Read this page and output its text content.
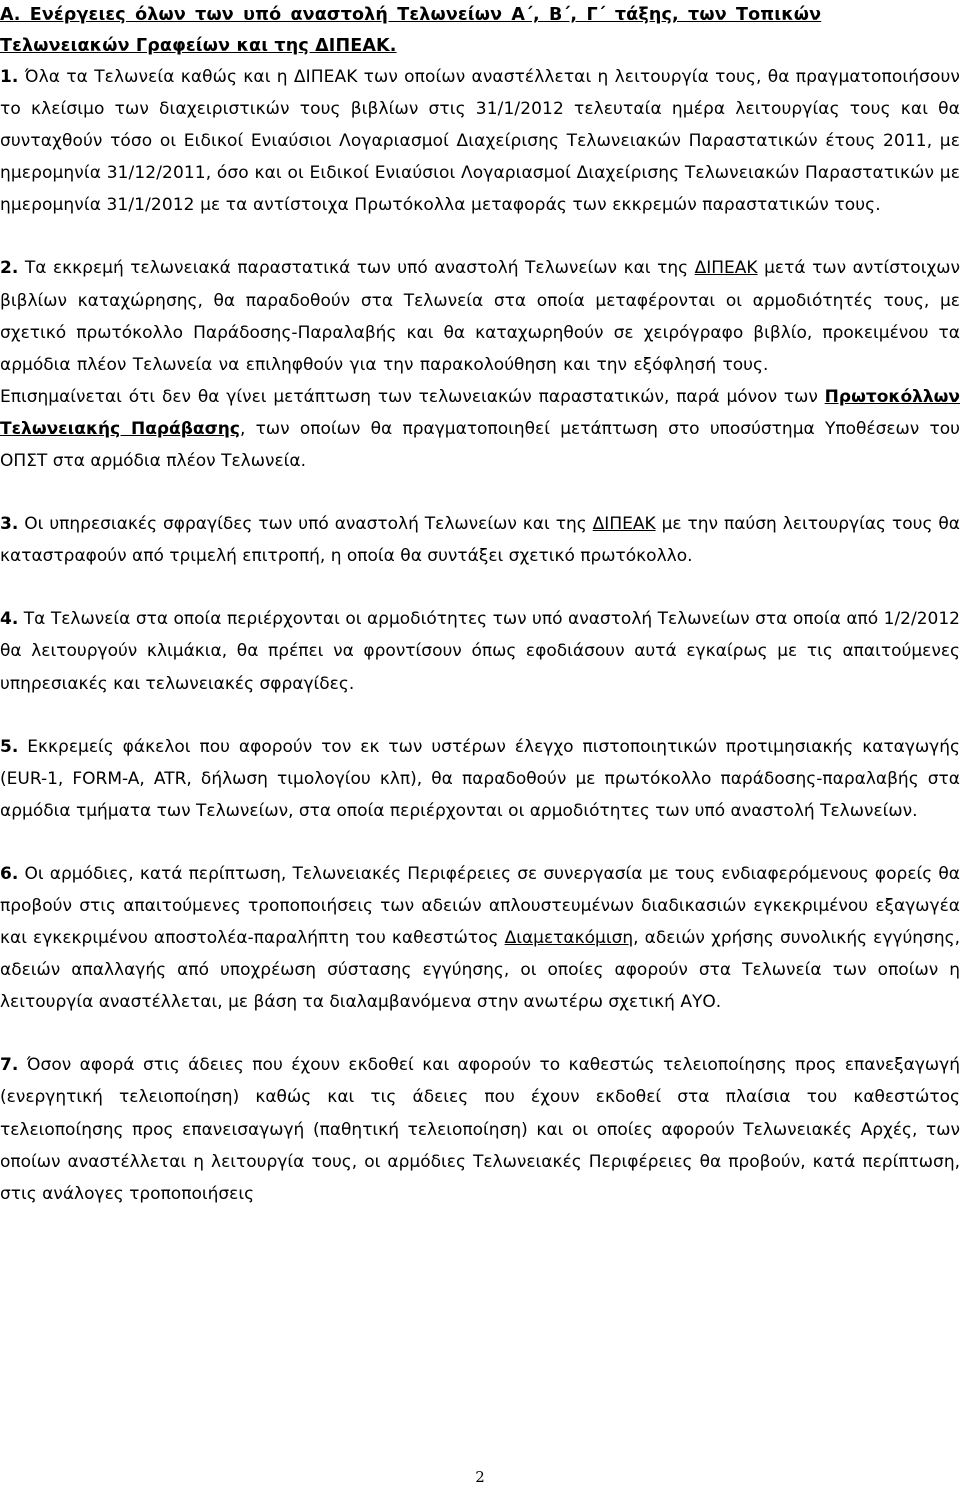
Α. Ενέργειες όλων των υπό αναστολή Τελωνείων Α΄, Β΄, Γ΄ τάξης, των Τοπικών
Τελωνειακών Γραφείων και της ΔΙΠΕΑΚ.

1. Όλα τα Τελωνεία καθώς και η ΔΙΠΕΑΚ των οποίων αναστέλλεται η λειτουργία τους, θα πραγματοποιήσουν το κλείσιμο των διαχειριστικών τους βιβλίων στις 31/1/2012 τελευταία ημέρα λειτουργίας τους και θα συνταχθούν τόσο οι Ειδικοί Ενιαύσιοι Λογαριασμοί Διαχείρισης Τελωνειακών Παραστατικών έτους 2011, με ημερομηνία 31/12/2011, όσο και οι Ειδικοί Ενιαύσιοι Λογαριασμοί Διαχείρισης Τελωνειακών Παραστατικών με ημερομηνία 31/1/2012 με τα αντίστοιχα Πρωτόκολλα μεταφοράς των εκκρεμών παραστατικών τους.

2. Τα εκκρεμή τελωνειακά παραστατικά των υπό αναστολή Τελωνείων και της ΔΙΠΕΑΚ μετά των αντίστοιχων βιβλίων καταχώρησης, θα παραδοθούν στα Τελωνεία στα οποία μεταφέρονται οι αρμοδιότητές τους, με σχετικό πρωτόκολλο Παράδοσης-Παραλαβής και θα καταχωρηθούν σε χειρόγραφο βιβλίο, προκειμένου τα αρμόδια πλέον Τελωνεία να επιληφθούν για την παρακολούθηση και την εξόφλησή τους.

Επισημαίνεται ότι δεν θα γίνει μετάπτωση των τελωνειακών παραστατικών, παρά μόνον των Πρωτοκόλλων Τελωνειακής Παράβασης, των οποίων θα πραγματοποιηθεί μετάπτωση στο υποσύστημα Υποθέσεων του ΟΠΣΤ στα αρμόδια πλέον Τελωνεία.

3. Οι υπηρεσιακές σφραγίδες των υπό αναστολή Τελωνείων και της ΔΙΠΕΑΚ με την παύση λειτουργίας τους θα καταστραφούν από τριμελή επιτροπή, η οποία θα συντάξει σχετικό πρωτόκολλο.

4. Τα Τελωνεία στα οποία περιέρχονται οι αρμοδιότητες των υπό αναστολή Τελωνείων στα οποία από 1/2/2012 θα λειτουργούν κλιμάκια, θα πρέπει να φροντίσουν όπως εφοδιάσουν αυτά εγκαίρως με τις απαιτούμενες υπηρεσιακές και τελωνειακές σφραγίδες.

5. Εκκρεμείς φάκελοι που αφορούν τον εκ των υστέρων έλεγχο πιστοποιητικών προτιμησιακής καταγωγής (EUR-1, FORM-A, ATR, δήλωση τιμολογίου κλπ), θα παραδοθούν με πρωτόκολλο παράδοσης-παραλαβής στα αρμόδια τμήματα των Τελωνείων, στα οποία περιέρχονται οι αρμοδιότητες των υπό αναστολή Τελωνείων.

6. Οι αρμόδιες, κατά περίπτωση, Τελωνειακές Περιφέρειες σε συνεργασία με τους ενδιαφερόμενους φορείς θα προβούν στις απαιτούμενες τροποποιήσεις των αδειών απλουστευμένων διαδικασιών εγκεκριμένου εξαγωγέα και εγκεκριμένου αποστολέα-παραλήπτη του καθεστώτος Διαμετακόμιση, αδειών χρήσης συνολικής εγγύησης, αδειών απαλλαγής από υποχρέωση σύστασης εγγύησης, οι οποίες αφορούν στα Τελωνεία των οποίων η λειτουργία αναστέλλεται, με βάση τα διαλαμβανόμενα στην ανωτέρω σχετική ΑΥΟ.

7. Όσον αφορά στις άδειες που έχουν εκδοθεί και αφορούν το καθεστώς τελειοποίησης προς επανεξαγωγή (ενεργητική τελειοποίηση) καθώς και τις άδειες που έχουν εκδοθεί στα πλαίσια του καθεστώτος τελειοποίησης προς επανεισαγωγή (παθητική τελειοποίηση) και οι οποίες αφορούν Τελωνειακές Αρχές, των οποίων αναστέλλεται η λειτουργία τους, οι αρμόδιες Τελωνειακές Περιφέρειες θα προβούν, κατά περίπτωση, στις ανάλογες τροποποιήσεις

2
